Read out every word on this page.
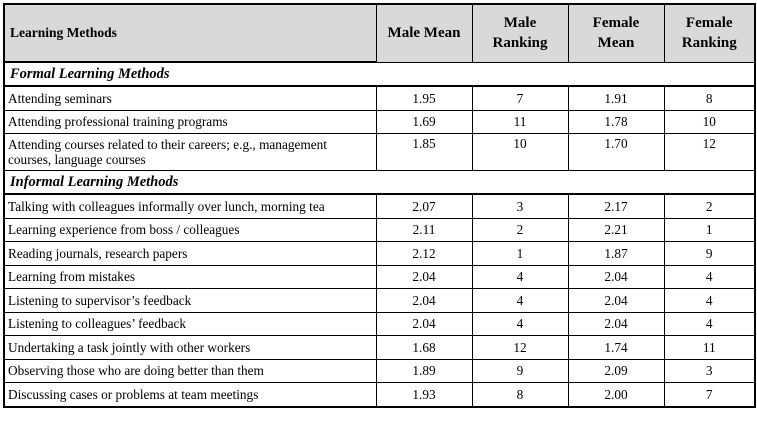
Learning Methods	Male Mean	Male Ranking	Female Mean	Female Ranking
Formal Learning Methods				
Attending seminars	1.95	7	1.91	8
Attending professional training programs	1.69	11	1.78	10
Attending courses related to their careers; e.g., management courses, language courses	1.85	10	1.70	12
Informal Learning Methods				
Talking with colleagues informally over lunch, morning tea	2.07	3	2.17	2
Learning experience from boss / colleagues	2.11	2	2.21	1
Reading journals, research papers	2.12	1	1.87	9
Learning from mistakes	2.04	4	2.04	4
Listening to supervisor’s feedback	2.04	4	2.04	4
Listening to colleagues’ feedback	2.04	4	2.04	4
Undertaking a task jointly with other workers	1.68	12	1.74	11
Observing those who are doing better than them	1.89	9	2.09	3
Discussing cases or problems at team meetings	1.93	8	2.00	7
